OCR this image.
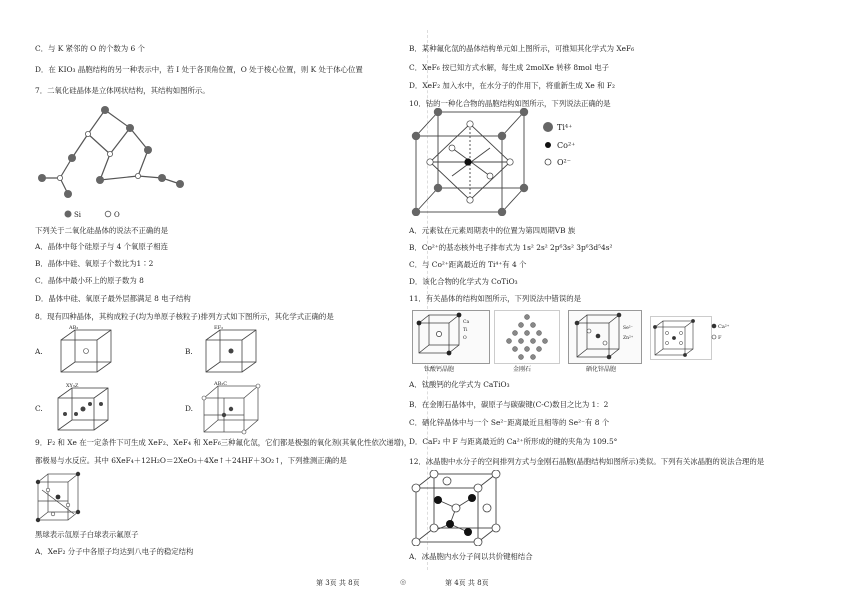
C．与 K 紧邻的 O 的个数为 6 个
D．在 KIO₃ 晶胞结构的另一种表示中，若 I 处于各顶角位置，O 处于棱心位置，则 K 处于体心位置
7．二氧化硅晶体是立体网状结构，其结构如图所示。
Si	O
下列关于二氧化硅晶体的说法不正确的是
A．晶体中每个硅原子与 4 个氧原子相连
B．晶体中硅、氧原子个数比为1∶2
C．晶体中最小环上的原子数为 8
D．晶体中硅、氧原子最外层都满足 8 电子结构
8．现有四种晶体，其构成粒子(均为单原子核粒子)排列方式如下图所示，其化学式正确的是
A.
AB₂
B.
EF₂
C.
XY₃Z
D.
AB₂C
9．F₂ 和 Xe 在一定条件下可生成 XeF₂、XeF₄ 和 XeF₆三种氟化氙，它们都是极强的氧化剂(其氧化性依次递增)，
都极易与水反应。其中 6XeF₄＋12H₂O＝2XeO₃＋4Xe↑＋24HF＋3O₂↑，下列推测正确的是
黑球表示氙原子白球表示氟原子
A．XeF₂ 分子中各原子均达到八电子的稳定结构
B．某种氟化氙的晶体结构单元如上图所示，可推知其化学式为 XeF₆
C．XeF₆ 按已知方式水解，每生成 2molXe 转移 8mol 电子
D．XeF₂ 加入水中，在水分子的作用下，将重新生成 Xe 和 F₂
10．钴的一种化合物的晶胞结构如图所示，下列说法正确的是
Ti⁴⁺
Co²⁺
O²⁻
A．元素钛在元素周期表中的位置为第四周期ⅤB 族
B．Co²⁺的基态核外电子排布式为 1s² 2s² 2p⁶3s² 3p⁶3d⁵4s²
C．与 Co²⁺距离最近的 Ti⁴⁺有 4 个
D．该化合物的化学式为 CoTiO₃
11．有关晶体的结构如图所示，下列说法中错误的是
Ca
Ti
O
钛酸钙晶胞	金刚石
Se²⁻
Zn²⁺
硒化锌晶胞
Ca²⁺
F
A．钛酸钙的化学式为 CaTiO₃
B．在金刚石晶体中，碳原子与碳碳键(C-C)数目之比为 1：2
C．硒化锌晶体中与一个 Se²⁻距离最近且相等的 Se²⁻有 8 个
D．CaF₂ 中 F 与距离最近的 Ca²⁺所形成的键的夹角为 109.5°
12．冰晶胞中水分子的空间排列方式与金刚石晶胞(晶胞结构如图所示)类似。下列有关冰晶胞的说法合理的是
A．冰晶胞内水分子间以共价键相结合
第 3页 共 8页	◎	第 4页 共 8页
